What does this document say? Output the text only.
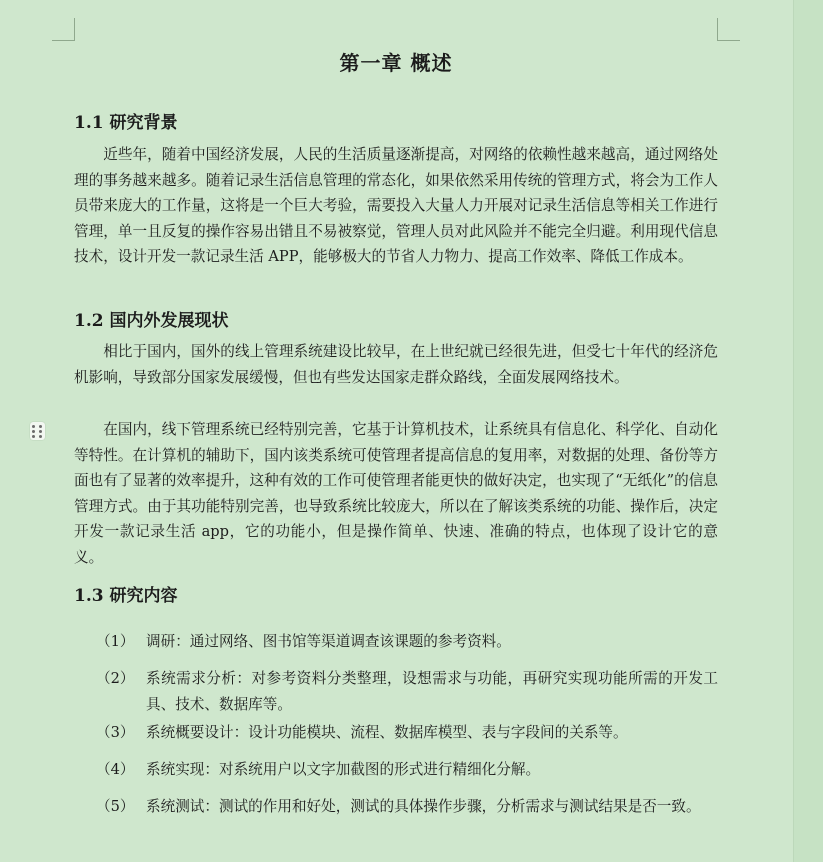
第一章 概述
1.1 研究背景

近些年，随着中国经济发展，人民的生活质量逐渐提高，对网络的依赖性越来越高，通过网络处理的事务越来越多。随着记录生活信息管理的常态化，如果依然采用传统的管理方式，将会为工作人员带来庞大的工作量，这将是一个巨大考验，需要投入大量人力开展对记录生活信息等相关工作进行管理，单一且反复的操作容易出错且不易被察觉，管理人员对此风险并不能完全归避。利用现代信息技术，设计开发一款记录生活 APP，能够极大的节省人力物力、提高工作效率、降低工作成本。

1.2 国内外发展现状

相比于国内，国外的线上管理系统建设比较早，在上世纪就已经很先进，但受七十年代的经济危机影响，导致部分国家发展缓慢，但也有些发达国家走群众路线，全面发展网络技术。

在国内，线下管理系统已经特别完善，它基于计算机技术，让系统具有信息化、科学化、自动化等特性。在计算机的辅助下，国内该类系统可使管理者提高信息的复用率，对数据的处理、备份等方面也有了显著的效率提升，这种有效的工作可使管理者能更快的做好决定，也实现了“无纸化”的信息管理方式。由于其功能特别完善，也导致系统比较庞大，所以在了解该类系统的功能、操作后，决定开发一款记录生活 app，它的功能小，但是操作简单、快速、准确的特点，也体现了设计它的意义。

1.3 研究内容
（1） 调研：通过网络、图书馆等渠道调查该课题的参考资料。
（2） 系统需求分析：对参考资料分类整理，设想需求与功能，再研究实现功能所需的开发工具、技术、数据库等。
（3） 系统概要设计：设计功能模块、流程、数据库模型、表与字段间的关系等。
（4） 系统实现：对系统用户以文字加截图的形式进行精细化分解。
（5） 系统测试：测试的作用和好处，测试的具体操作步骤，分析需求与测试结果是否一致。
